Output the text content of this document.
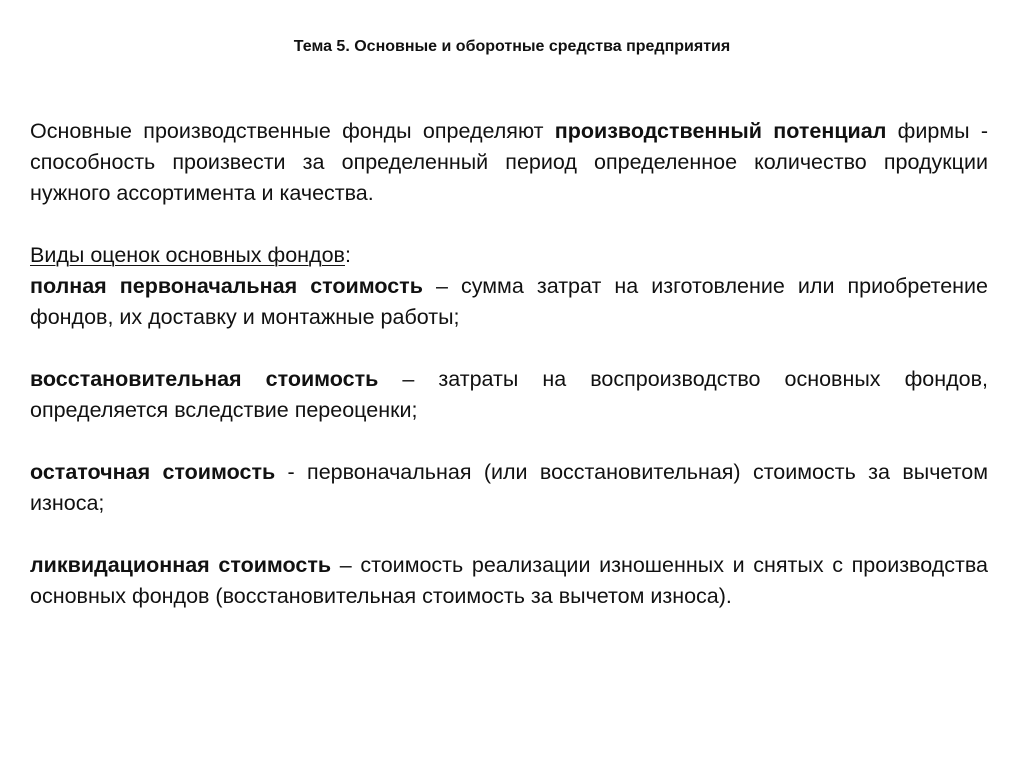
Тема 5. Основные и оборотные средства предприятия

Основные производственные фонды определяют производственный потенциал фирмы - способность произвести за определенный период определенное количество продукции нужного ассортимента и качества.

Виды оценок основных фондов:

полная первоначальная стоимость – сумма затрат на изготовление или приобретение фондов, их доставку и монтажные работы;

восстановительная стоимость – затраты на воспроизводство основных фондов, определяется вследствие переоценки;

остаточная стоимость - первоначальная (или восстановительная) стоимость за вычетом износа;

ликвидационная стоимость – стоимость реализации изношенных и снятых с производства основных фондов (восстановительная стоимость за вычетом износа).
